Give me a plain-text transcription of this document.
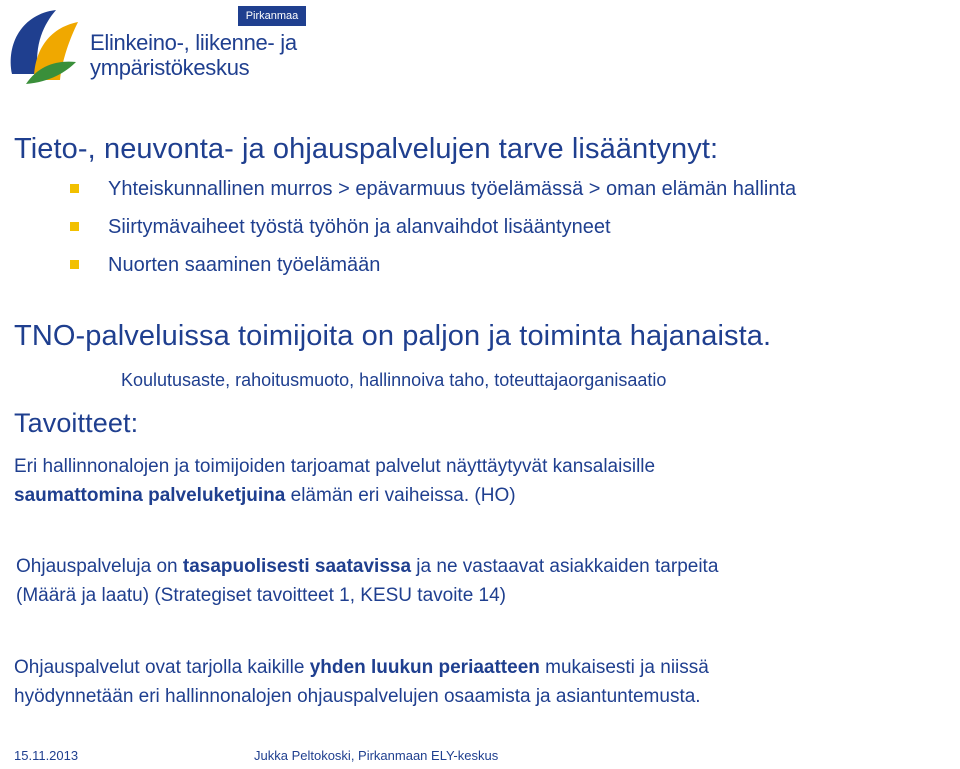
Pirkanmaa
Elinkeino-, liikenne- ja
ympäristökeskus
Tieto-, neuvonta- ja ohjauspalvelujen tarve lisääntynyt:
Yhteiskunnallinen murros > epävarmuus työelämässä > oman elämän hallinta
Siirtymävaiheet työstä työhön ja alanvaihdot lisääntyneet
Nuorten saaminen työelämään
TNO-palveluissa toimijoita on paljon ja toiminta hajanaista.
Koulutusaste, rahoitusmuoto, hallinnoiva taho, toteuttajaorganisaatio
Tavoitteet:
Eri hallinnonalojen ja toimijoiden tarjoamat palvelut näyttäytyvät kansalaisille
saumattomina palveluketjuina elämän eri vaiheissa. (HO)
Ohjauspalveluja on tasapuolisesti saatavissa ja ne vastaavat asiakkaiden tarpeita
(Määrä ja laatu) (Strategiset tavoitteet 1, KESU tavoite 14)
Ohjauspalvelut ovat tarjolla kaikille yhden luukun periaatteen mukaisesti ja niissä
hyödynnetään eri hallinnonalojen ohjauspalvelujen osaamista ja asiantuntemusta.
15.11.2013	Jukka Peltokoski, Pirkanmaan ELY-keskus
